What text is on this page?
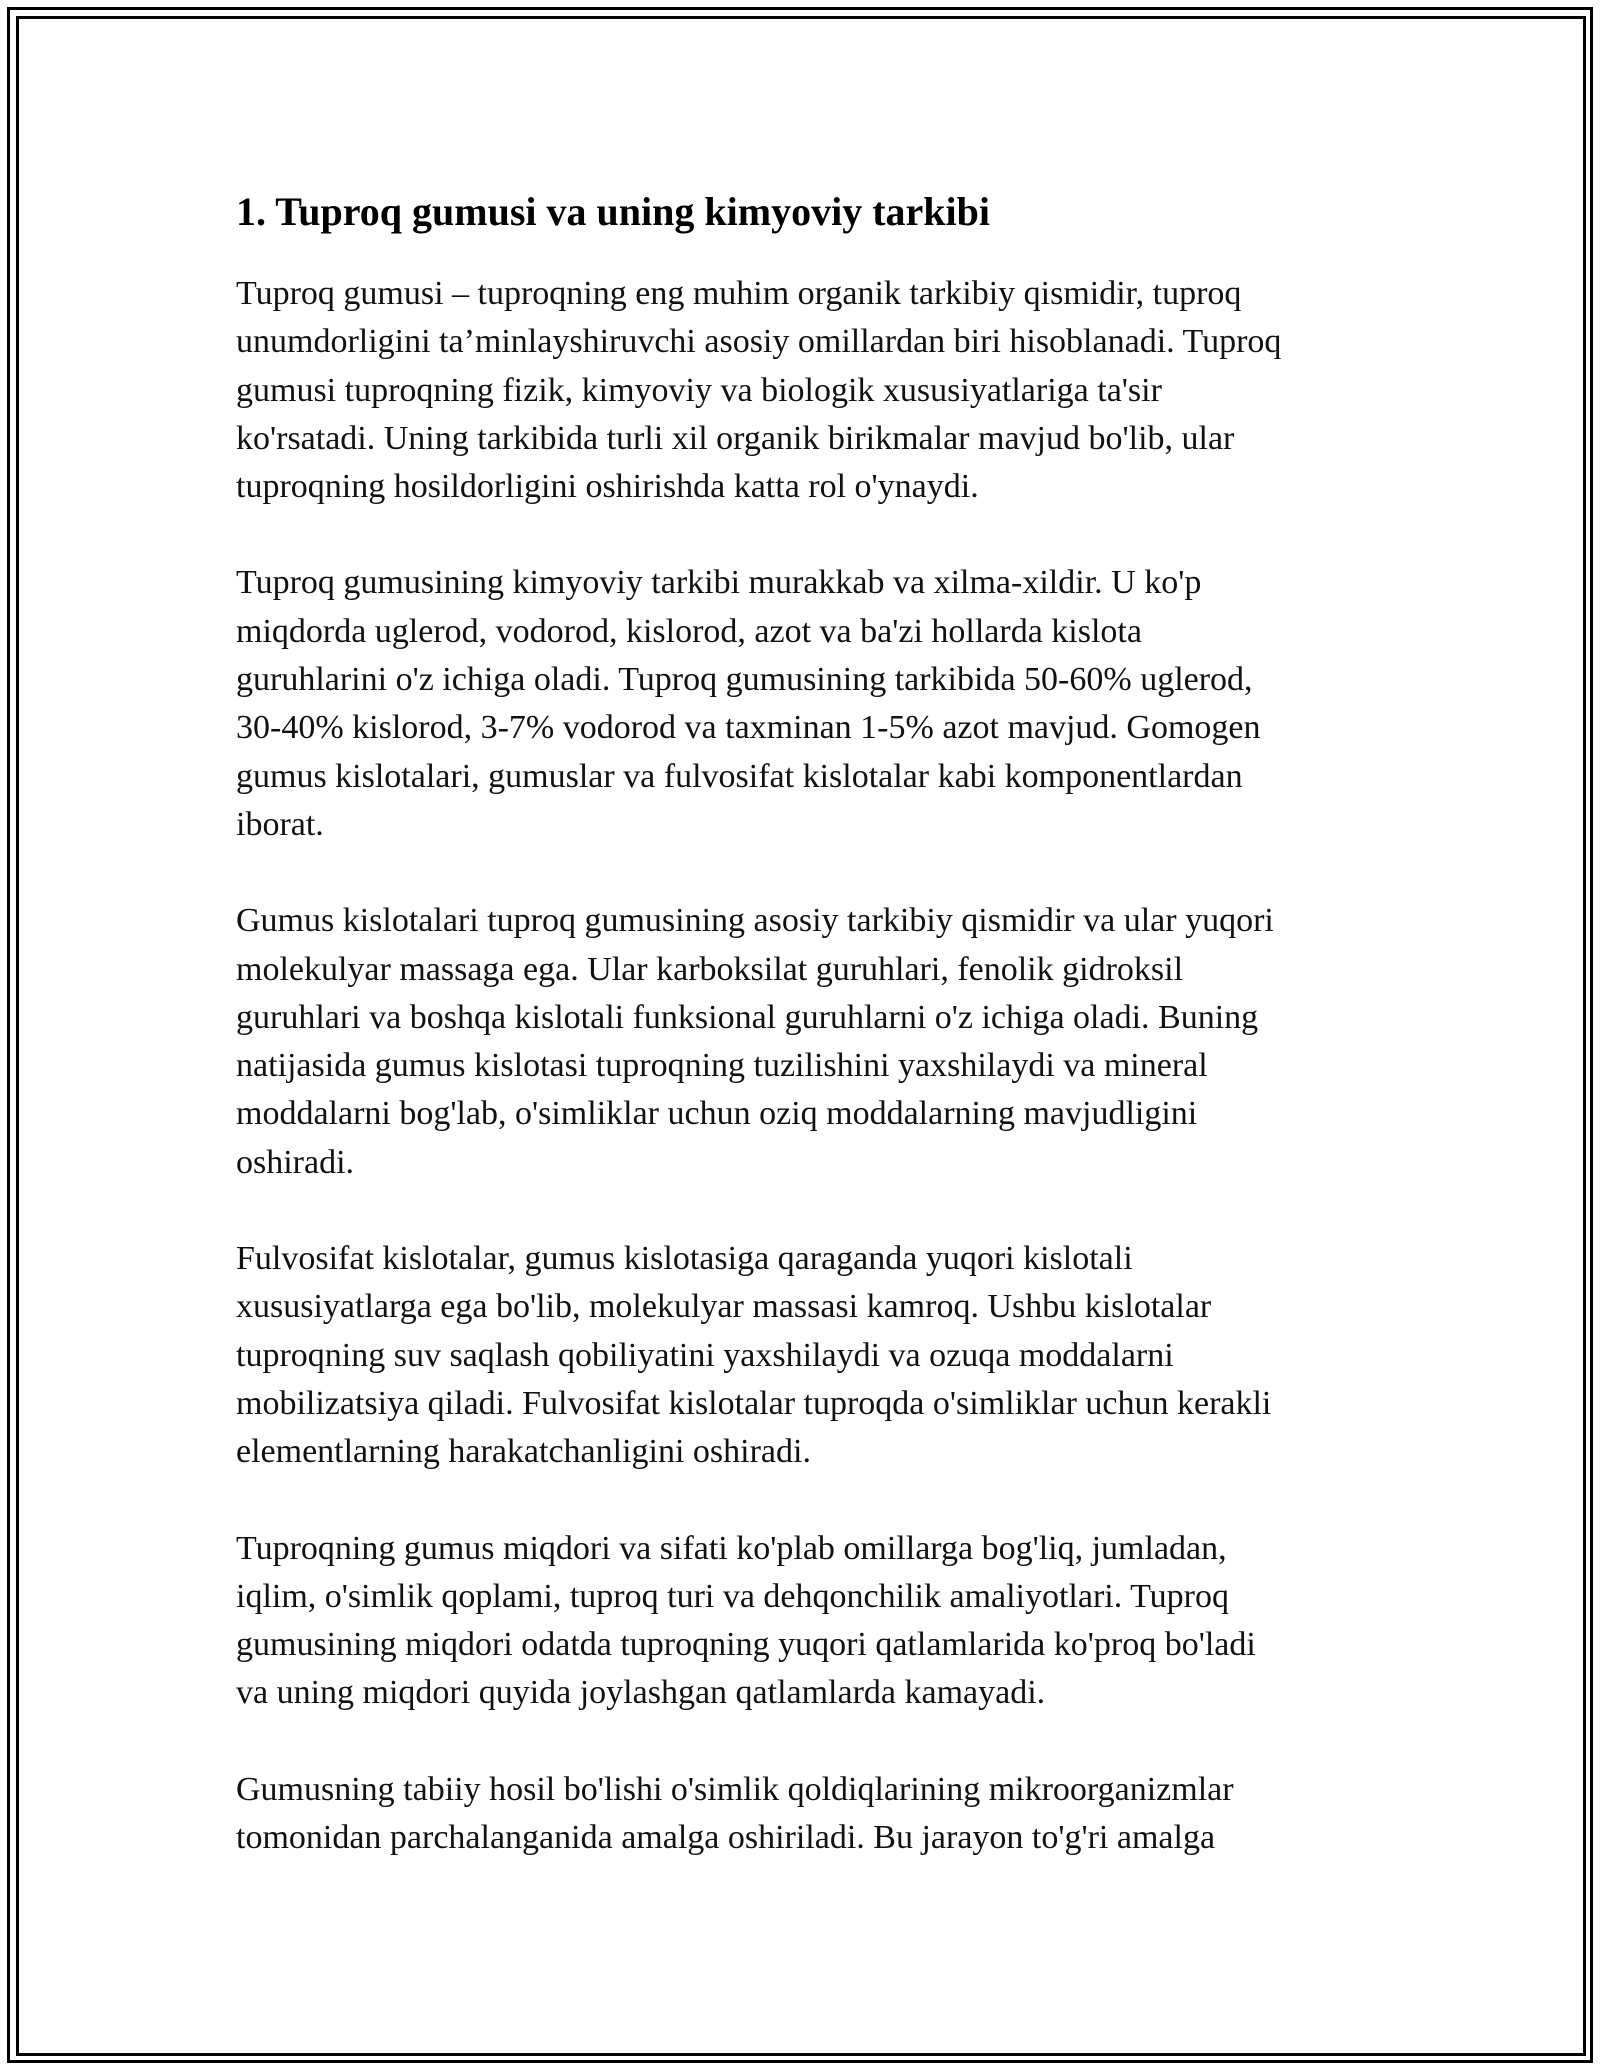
1. Tuproq gumusi va uning kimyoviy tarkibi

Tuproq gumusi – tuproqning eng muhim organik tarkibiy qismidir, tuproq
unumdorligini ta’minlayshiruvchi asosiy omillardan biri hisoblanadi. Tuproq
gumusi tuproqning fizik, kimyoviy va biologik xususiyatlariga ta'sir
ko'rsatadi. Uning tarkibida turli xil organik birikmalar mavjud bo'lib, ular
tuproqning hosildorligini oshirishda katta rol o'ynaydi.

Tuproq gumusining kimyoviy tarkibi murakkab va xilma-xildir. U ko'p
miqdorda uglerod, vodorod, kislorod, azot va ba'zi hollarda kislota
guruhlarini o'z ichiga oladi. Tuproq gumusining tarkibida 50-60% uglerod,
30-40% kislorod, 3-7% vodorod va taxminan 1-5% azot mavjud. Gomogen
gumus kislotalari, gumuslar va fulvosifat kislotalar kabi komponentlardan
iborat.

Gumus kislotalari tuproq gumusining asosiy tarkibiy qismidir va ular yuqori
molekulyar massaga ega. Ular karboksilat guruhlari, fenolik gidroksil
guruhlari va boshqa kislotali funksional guruhlarni o'z ichiga oladi. Buning
natijasida gumus kislotasi tuproqning tuzilishini yaxshilaydi va mineral
moddalarni bog'lab, o'simliklar uchun oziq moddalarning mavjudligini
oshiradi.

Fulvosifat kislotalar, gumus kislotasiga qaraganda yuqori kislotali
xususiyatlarga ega bo'lib, molekulyar massasi kamroq. Ushbu kislotalar
tuproqning suv saqlash qobiliyatini yaxshilaydi va ozuqa moddalarni
mobilizatsiya qiladi. Fulvosifat kislotalar tuproqda o'simliklar uchun kerakli
elementlarning harakatchanligini oshiradi.

Tuproqning gumus miqdori va sifati ko'plab omillarga bog'liq, jumladan,
iqlim, o'simlik qoplami, tuproq turi va dehqonchilik amaliyotlari. Tuproq
gumusining miqdori odatda tuproqning yuqori qatlamlarida ko'proq bo'ladi
va uning miqdori quyida joylashgan qatlamlarda kamayadi.

Gumusning tabiiy hosil bo'lishi o'simlik qoldiqlarining mikroorganizmlar
tomonidan parchalanganida amalga oshiriladi. Bu jarayon to'g'ri amalga
